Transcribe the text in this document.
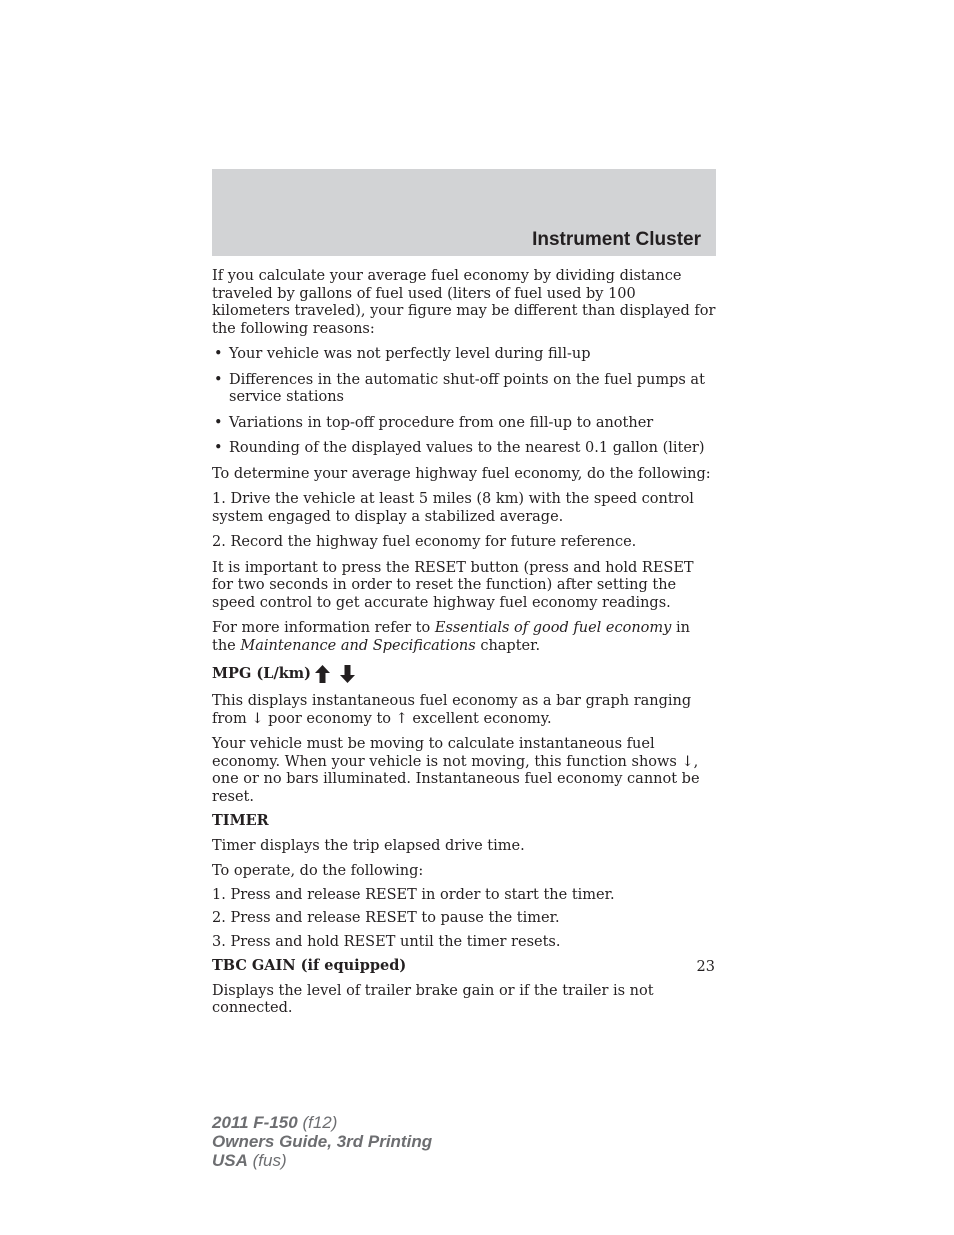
Instrument Cluster

If you calculate your average fuel economy by dividing distance traveled by gallons of fuel used (liters of fuel used by 100 kilometers traveled), your figure may be different than displayed for the following reasons:

• Your vehicle was not perfectly level during fill-up
• Differences in the automatic shut-off points on the fuel pumps at service stations
• Variations in top-off procedure from one fill-up to another
• Rounding of the displayed values to the nearest 0.1 gallon (liter)

To determine your average highway fuel economy, do the following:

1. Drive the vehicle at least 5 miles (8 km) with the speed control system engaged to display a stabilized average.

2. Record the highway fuel economy for future reference.

It is important to press the RESET button (press and hold RESET for two seconds in order to reset the function) after setting the speed control to get accurate highway fuel economy readings.

For more information refer to Essentials of good fuel economy in the Maintenance and Specifications chapter.

MPG (L/km)

This displays instantaneous fuel economy as a bar graph ranging from ↓ poor economy to ↑ excellent economy.

Your vehicle must be moving to calculate instantaneous fuel economy. When your vehicle is not moving, this function shows ↓, one or no bars illuminated. Instantaneous fuel economy cannot be reset.

TIMER

Timer displays the trip elapsed drive time.

To operate, do the following:

1. Press and release RESET in order to start the timer.

2. Press and release RESET to pause the timer.

3. Press and hold RESET until the timer resets.

TBC GAIN (if equipped)

Displays the level of trailer brake gain or if the trailer is not connected.

23
2011 F-150 (f12)
Owners Guide, 3rd Printing
USA (fus)
